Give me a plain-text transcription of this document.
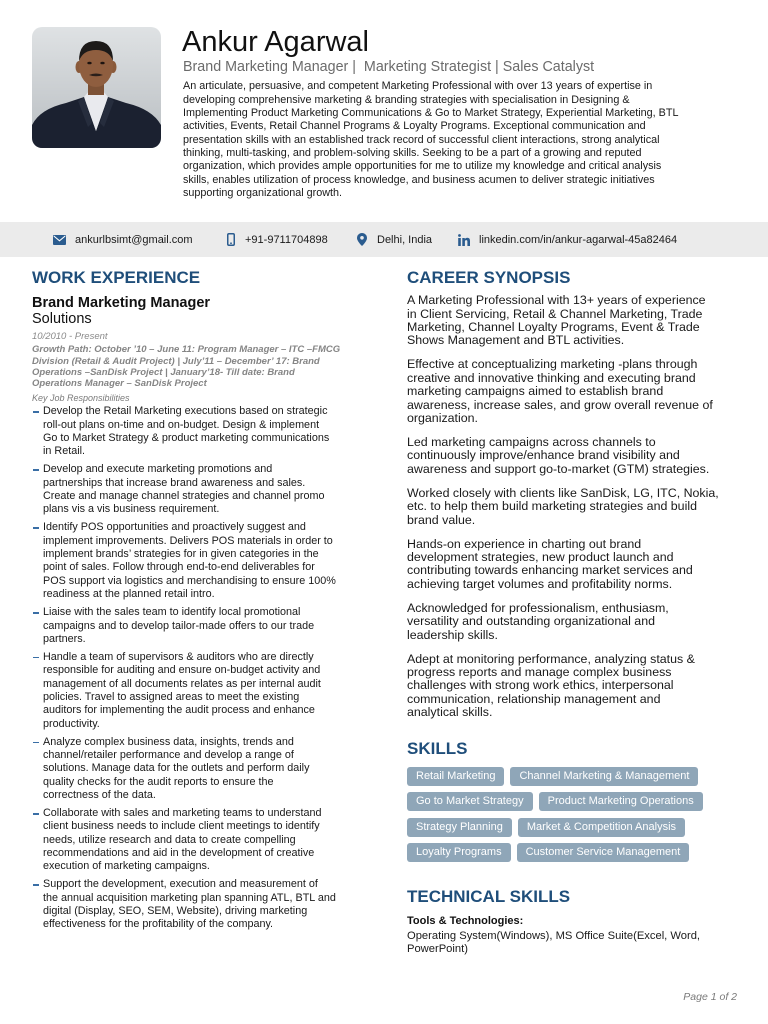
Ankur Agarwal
Brand Marketing Manager |  Marketing Strategist | Sales Catalyst
An articulate, persuasive, and competent Marketing Professional with over 13 years of expertise in
developing comprehensive marketing & branding strategies with specialisation in Designing &
Implementing Product Marketing Communications & Go to Market Strategy, Experiential Marketing, BTL
activities, Events, Retail Channel Programs & Loyalty Programs. Exceptional communication and
presentation skills with an established track record of successful client interactions, strong analytical
thinking, multi-tasking, and problem-solving skills. Seeking to be a part of a growing and reputed
organization, which provides ample opportunities for me to utilize my knowledge and critical analysis
skills, enables utilization of process knowledge, and business acumen to deliver strategic initiatives
supporting organizational growth.
ankurlbsimt@gmail.com	+91-9711704898	Delhi, India	linkedin.com/in/ankur-agarwal-45a82464
WORK EXPERIENCE
Brand Marketing Manager
Solutions
10/2010 - Present
Growth Path: October ’10 – June 11: Program Manager – ITC –FMCG
Division (Retail & Audit Project) | July’11 – December’ 17: Brand
Operations –SanDisk Project | January’18- Till date: Brand
Operations Manager – SanDisk Project
Key Job Responsibilities
Develop the Retail Marketing executions based on strategic
roll-out plans on-time and on-budget. Design & implement
Go to Market Strategy & product marketing communications
in Retail.
Develop and execute marketing promotions and
partnerships that increase brand awareness and sales.
Create and manage channel strategies and channel promo
plans vis a vis business requirement.
Identify POS opportunities and proactively suggest and
implement improvements. Delivers POS materials in order to
implement brands’ strategies for in given categories in the
point of sales. Follow through end-to-end deliverables for
POS support via logistics and merchandising to ensure 100%
readiness at the planned retail intro.
Liaise with the sales team to identify local promotional
campaigns and to develop tailor-made offers to our trade
partners.
Handle a team of supervisors & auditors who are directly
responsible for auditing and ensure on-budget activity and
management of all documents relates as per internal audit
policies. Travel to assigned areas to meet the existing
auditors for implementing the audit process and enhance
productivity.
Analyze complex business data, insights, trends and
channel/retailer performance and develop a range of
solutions. Manage data for the outlets and perform daily
quality checks for the audit reports to ensure the
correctness of the data.
Collaborate with sales and marketing teams to understand
client business needs to include client meetings to identify
needs, utilize research and data to create compelling
recommendations and aid in the development of creative
execution of marketing campaigns.
Support the development, execution and measurement of
the annual acquisition marketing plan spanning ATL, BTL and
digital (Display, SEO, SEM, Website), driving marketing
effectiveness for the profitability of the company.
CAREER SYNOPSIS

A Marketing Professional with 13+ years of experience
in Client Servicing, Retail & Channel Marketing, Trade
Marketing, Channel Loyalty Programs, Event & Trade
Shows Management and BTL activities.

Effective at conceptualizing marketing -plans through
creative and innovative thinking and executing brand
marketing campaigns aimed to establish brand
awareness, increase sales, and grow overall revenue of
organization.

Led marketing campaigns across channels to
continuously improve/enhance brand visibility and
awareness and support go-to-market (GTM) strategies.

Worked closely with clients like SanDisk, LG, ITC, Nokia,
etc. to help them build marketing strategies and build
brand value.

Hands-on experience in charting out brand
development strategies, new product launch and
contributing towards enhancing market services and
achieving target volumes and profitability norms.

Acknowledged for professionalism, enthusiasm,
versatility and outstanding organizational and
leadership skills.

Adept at monitoring performance, analyzing status &
progress reports and manage complex business
challenges with strong work ethics, interpersonal
communication, relationship management and
analytical skills.

SKILLS
Retail Marketing	Channel Marketing & Management
Go to Market Strategy	Product Marketing Operations
Strategy Planning	Market & Competition Analysis
Loyalty Programs	Customer Service Management
TECHNICAL SKILLS
Tools & Technologies:
Operating System(Windows), MS Office Suite(Excel, Word,
PowerPoint)
Page 1 of 2
